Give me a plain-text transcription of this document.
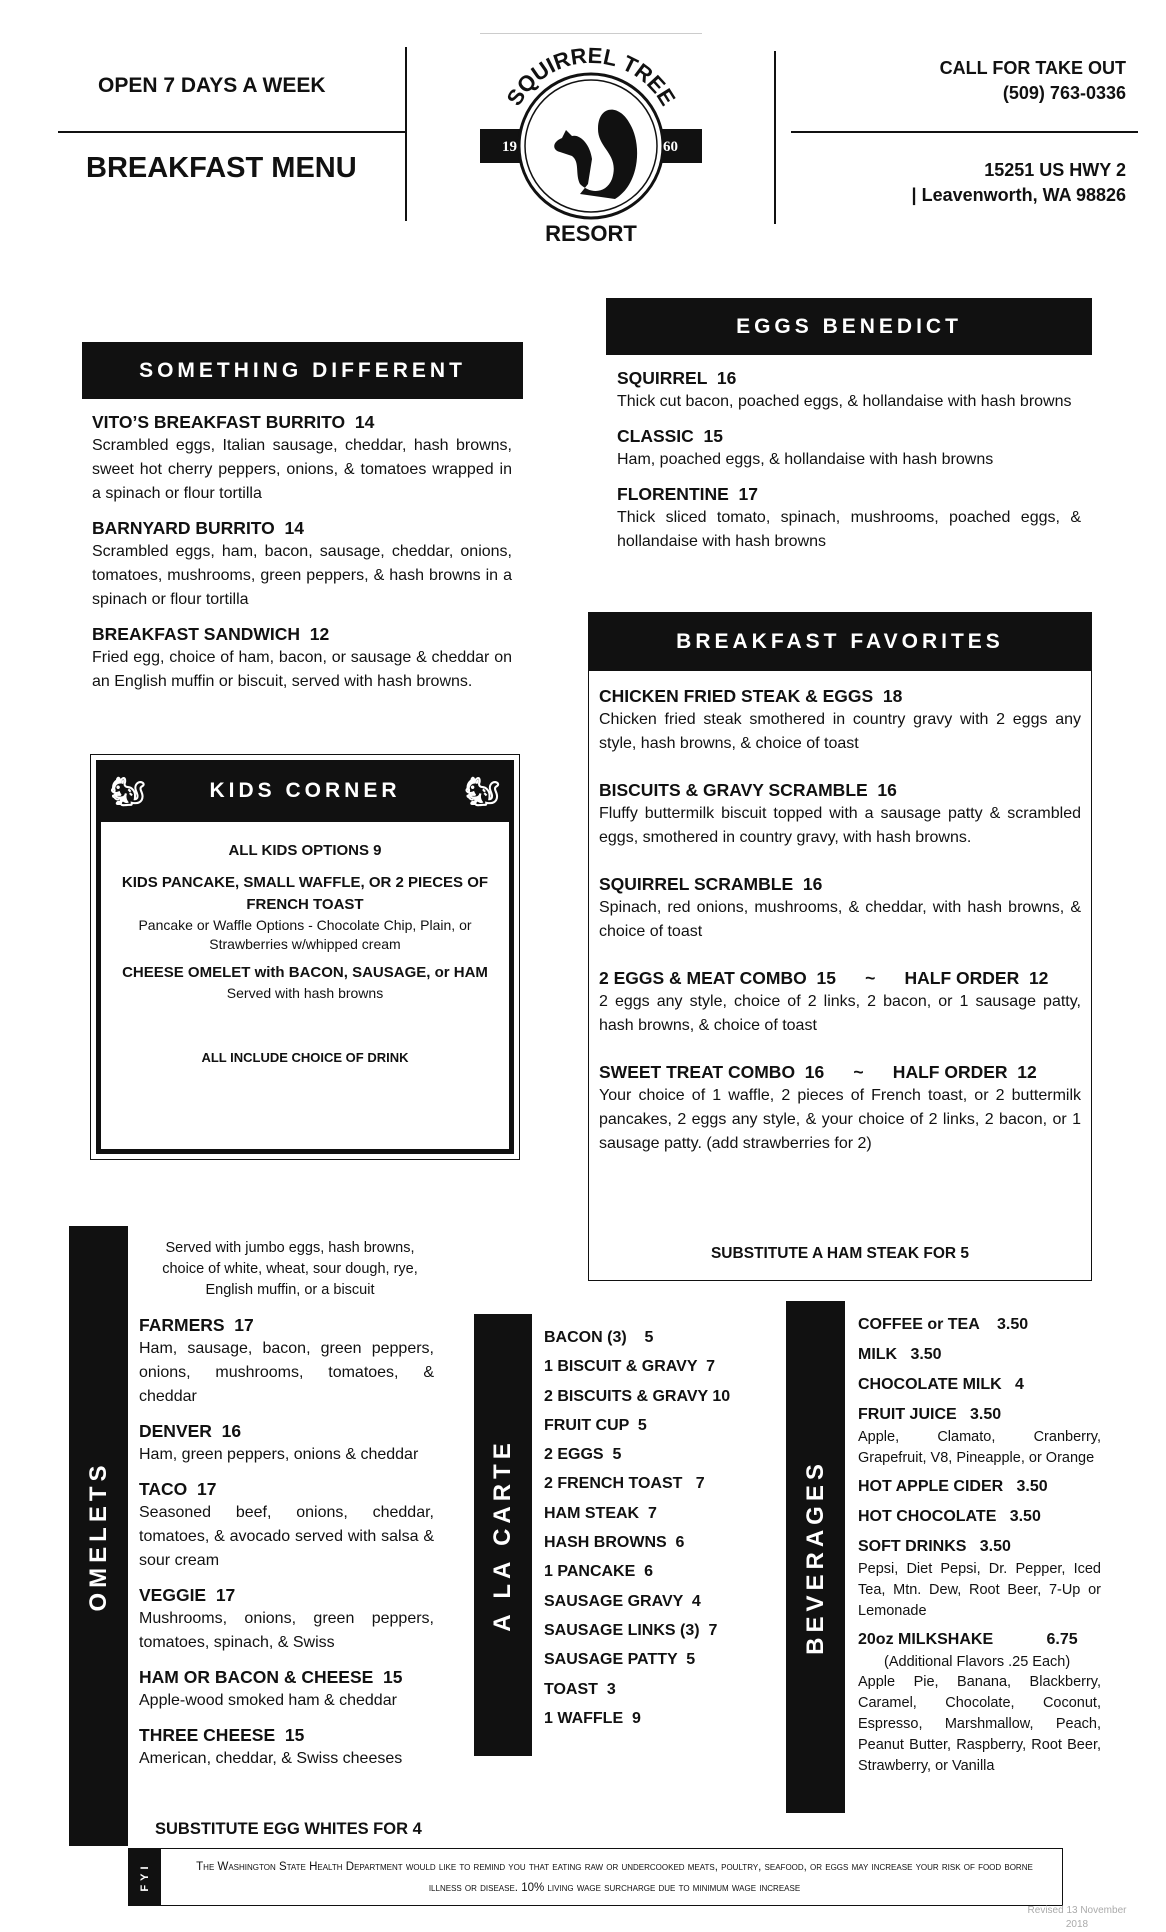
OPEN 7 DAYS A WEEK
BREAKFAST MENU
19	60
SQUIRREL TREE
RESORT
CALL FOR TAKE OUT
(509) 763-0336
15251 US HWY 2
| Leavenworth, WA 98826
SOMETHING DIFFERENT
VITO’S BREAKFAST BURRITO  14
Scrambled eggs, Italian sausage, cheddar, hash browns, sweet hot cherry peppers, onions, & tomatoes wrapped in a spinach or flour tortilla
BARNYARD BURRITO  14
Scrambled eggs, ham, bacon, sausage, cheddar, onions, tomatoes, mushrooms, green peppers, & hash browns in a spinach or flour tortilla
BREAKFAST SANDWICH  12
Fried egg, choice of ham, bacon, or sausage & cheddar on an English muffin or biscuit, served with hash browns.
EGGS BENEDICT
SQUIRREL  16
Thick cut bacon, poached eggs, & hollandaise with hash browns
CLASSIC  15
Ham, poached eggs, & hollandaise with hash browns
FLORENTINE  17
Thick sliced tomato, spinach, mushrooms, poached eggs, & hollandaise with hash browns
BREAKFAST FAVORITES
CHICKEN FRIED STEAK & EGGS  18
Chicken fried steak smothered in country gravy with 2 eggs any style, hash browns, & choice of toast
BISCUITS & GRAVY SCRAMBLE  16
Fluffy buttermilk biscuit topped with a sausage patty & scrambled eggs, smothered in country gravy, with hash browns.
SQUIRREL SCRAMBLE  16
Spinach, red onions, mushrooms, & cheddar, with hash browns, & choice of toast
2 EGGS & MEAT COMBO  15      ~      HALF ORDER  12
2 eggs any style, choice of 2 links, 2 bacon, or 1 sausage patty, hash browns, & choice of toast
SWEET TREAT COMBO  16      ~      HALF ORDER  12
Your choice of 1 waffle, 2 pieces of French toast, or 2 buttermilk pancakes, 2 eggs any style, & your choice of 2 links, 2 bacon, or 1 sausage patty. (add strawberries for 2)
SUBSTITUTE A HAM STEAK FOR 5
🐿	KIDS CORNER 🐿
ALL KIDS OPTIONS 9
KIDS PANCAKE, SMALL WAFFLE, OR 2 PIECES OF FRENCH TOAST
Pancake or Waffle Options - Chocolate Chip, Plain, or Strawberries w/whipped cream
CHEESE OMELET with BACON, SAUSAGE, or HAM
Served with hash browns
ALL INCLUDE CHOICE OF DRINK
OMELETS
Served with jumbo eggs, hash browns, choice of white, wheat, sour dough, rye, English muffin, or a biscuit
FARMERS  17
Ham, sausage, bacon, green peppers, onions, mushrooms, tomatoes, & cheddar
DENVER  16
Ham, green peppers, onions & cheddar
TACO  17
Seasoned beef, onions, cheddar, tomatoes, & avocado served with salsa & sour cream
VEGGIE  17
Mushrooms, onions, green peppers, tomatoes, spinach, & Swiss
HAM OR BACON & CHEESE  15
Apple-wood smoked ham & cheddar
THREE CHEESE  15
American, cheddar, & Swiss cheeses
SUBSTITUTE EGG WHITES FOR 4
A LA CARTE
BACON (3)    5
1 BISCUIT & GRAVY  7
2 BISCUITS & GRAVY 10
FRUIT CUP  5
2 EGGS  5
2 FRENCH TOAST   7
HAM STEAK  7
HASH BROWNS  6
1 PANCAKE  6
SAUSAGE GRAVY  4
SAUSAGE LINKS (3)  7
SAUSAGE PATTY  5
TOAST  3
1 WAFFLE  9
BEVERAGES
COFFEE or TEA    3.50
MILK   3.50
CHOCOLATE MILK   4
FRUIT JUICE   3.50
Apple, Clamato, Cranberry, Grapefruit, V8, Pineapple, or Orange
HOT APPLE CIDER   3.50
HOT CHOCOLATE   3.50
SOFT DRINKS   3.50
Pepsi, Diet Pepsi, Dr. Pepper, Iced Tea, Mtn. Dew, Root Beer, 7-Up or Lemonade
20oz MILKSHAKE            6.75
(Additional Flavors .25 Each)
Apple Pie, Banana, Blackberry, Caramel, Chocolate, Coconut, Espresso, Marshmallow, Peach, Peanut Butter, Raspberry, Root Beer, Strawberry, or Vanilla
FYI	The Washington State Health Department would like to remind you that eating raw or undercooked meats, poultry, seafood, or eggs may increase your risk of food borne illness or disease. 10% living wage surcharge due to minimum wage increase
Revised 13 November 2018
